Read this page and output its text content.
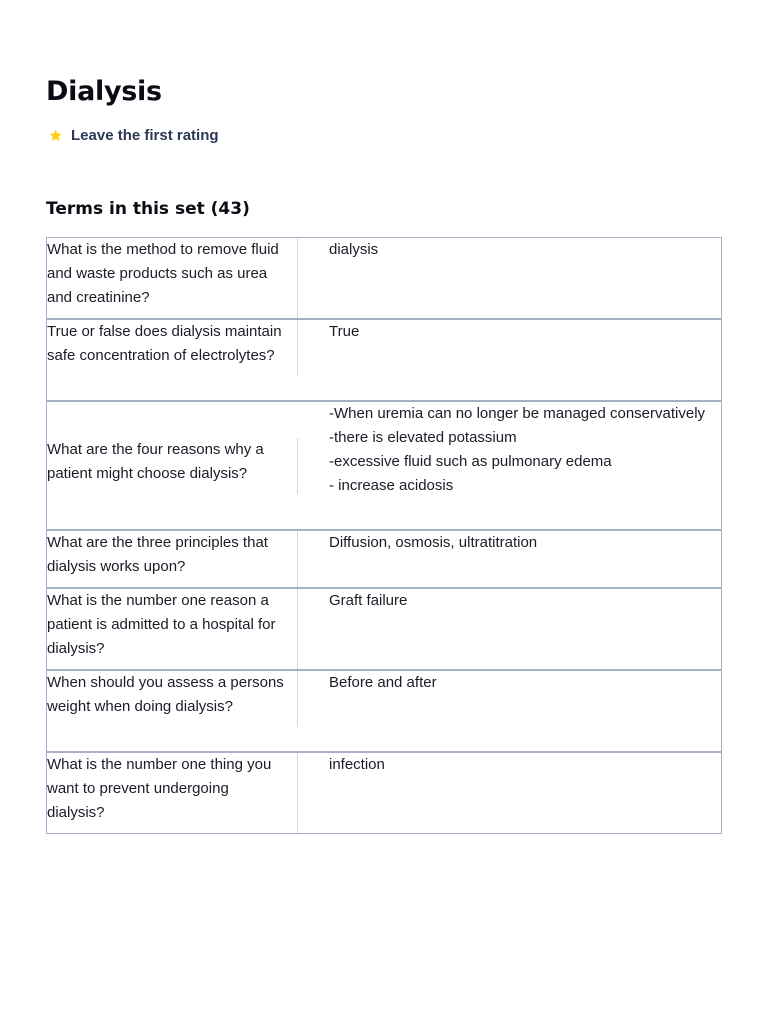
Dialysis
Leave the first rating
Terms in this set (43)
What is the method to remove fluid and waste products such as urea and creatinine?
dialysis
True or false does dialysis maintain safe concentration of electrolytes?
True
What are the four reasons why a patient might choose dialysis?
-When uremia can no longer be managed conservatively
-there is elevated potassium
-excessive fluid such as pulmonary edema
- increase acidosis
What are the three principles that dialysis works upon?
Diffusion, osmosis, ultratitration
What is the number one reason a patient is admitted to a hospital for dialysis?
Graft failure
When should you assess a persons weight when doing dialysis?
Before and after
What is the number one thing you want to prevent undergoing dialysis?
infection
